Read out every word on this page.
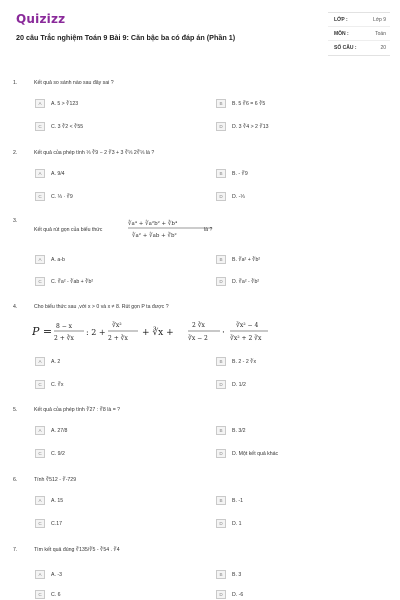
Quizizz
20 câu Trắc nghiệm Toán 9 Bài 9: Căn bậc ba có đáp án (Phần 1)
LỚP :	Lớp 9
MÔN :	Toán
SỐ CÂU :	20
1.	Kết quả so sánh nào sau đây sai ?
A	A. 5 > ∛123	B	B. 5 ∛6 = 6 ∛5
C	C. 3 ∛2 < ∛55	D	D. 3 ∛4 > 2 ∛13
2.	Kết quả của phép tính ⅓ ∛9 − 2 ∛3 + 3 ∛⅓ 2∛⅓ là ?
A	A. 9/4	B	B. - ∛9
C	C. ⅓ · ∛9	D	D. -⅓
3.
Kết quả rút gọn của biểu thức
∛a⁴ + ∛a²b² + ∛b⁴
∛a² + ∛ab + ∛b²
là ?
A	A. a-b	B	B. ∛a² + ∛b²
C	C. ∛a² - ∛ab + ∛b²	D	D. ∛a² - ∛b²
4.	Cho biểu thức sau ,với x > 0 và x ≠ 8. Rút gọn P ta được ?
P = 8 − x
2 + ∛x
: 2 +
∛x²
2 + ∛x
+ ∛x +
2 ∛x
∛x − 2
·
∛x² − 4
∛x² + 2 ∛x
A	A. 2	B	B. 2 - 2 ∛x
C	C. ∛x	D	D. 1/2
5.	Kết quả của phép tính ∛27 : ∛8 là = ?
A	A. 27/8	B	B. 3/2
C	C. 9/2	D	D. Một kết quả khác
6.	Tính ∛512 - ∛-729
A	A. 15	B	B. -1
C	C.17	D	D. 1
7.	Tìm kết quả đúng ∛135/∛5 - ∛54 . ∛4
A	A. -3	B	B. 3
C	C. 6	D	D. -6
